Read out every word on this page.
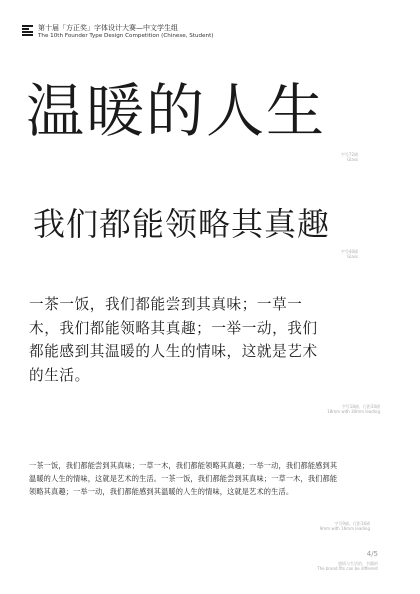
第十届「方正奖」字体设计大赛—中文学生组
The 10th Founder Type Design Competition (Chinese, Student)
温暖的人生
字号72磅
Glass
我们都能领略其真趣
字号40磅
Glass
一茶一饭，我们都能尝到其真味；一草一木，我们都能领略其真趣；一举一动，我们都能感到其温暖的人生的情味，这就是艺术的生活。
字号18磅，行距30磅
18mm with 30mm leading
一茶一饭，我们都能尝到其真味；一草一木，我们都能领略其真趣；一举一动，我们都能感到其温暖的人生的情味，这就是艺术的生活。一茶一饭，我们都能尝到其真味；一草一木，我们都能领略其真趣；一举一动，我们都能感到其温暖的人生的情味，这就是艺术的生活。
字号9磅，行距16磅
9mm with 16mm leading
4/5
感情与生活的，书籍的
The brand fits can be different
